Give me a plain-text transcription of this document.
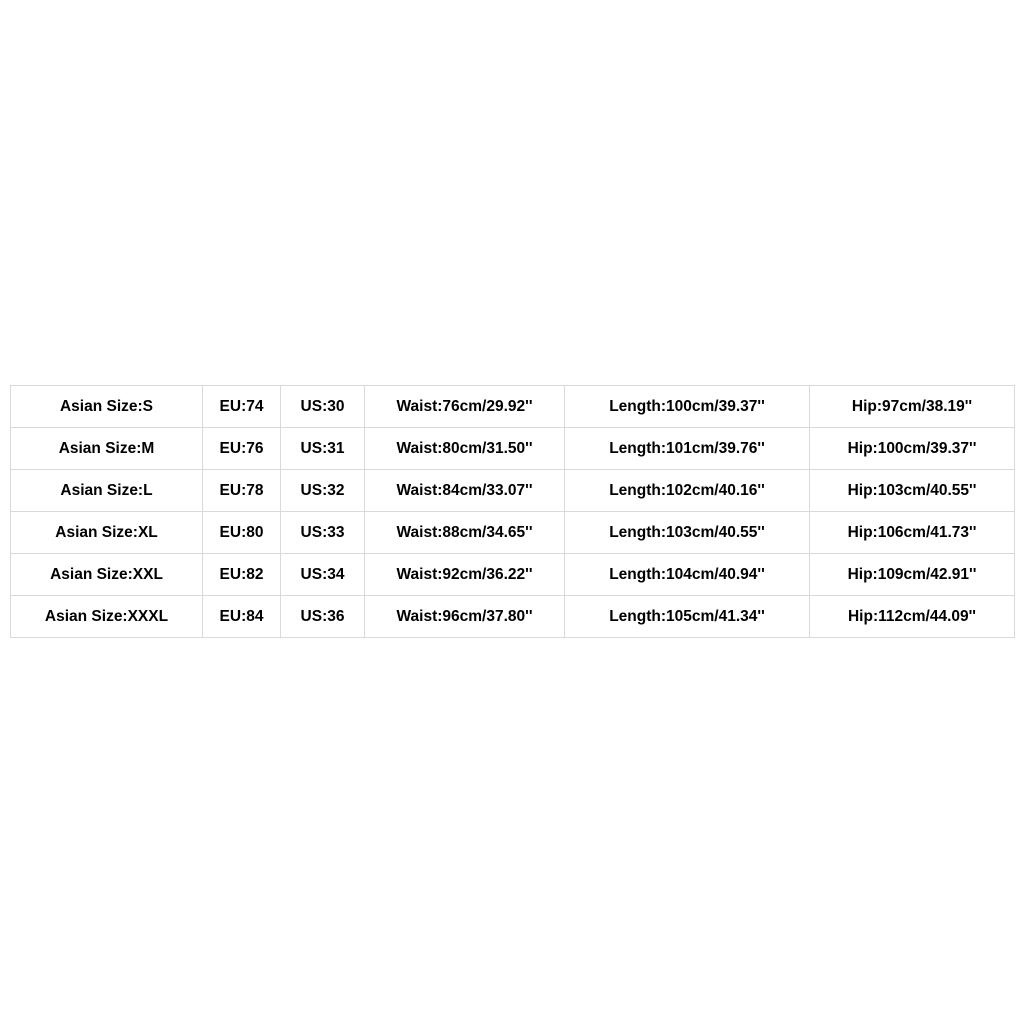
Asian Size:S	EU:74	US:30	Waist:76cm/29.92''	Length:100cm/39.37''	Hip:97cm/38.19''
Asian Size:M	EU:76	US:31	Waist:80cm/31.50''	Length:101cm/39.76''	Hip:100cm/39.37''
Asian Size:L	EU:78	US:32	Waist:84cm/33.07''	Length:102cm/40.16''	Hip:103cm/40.55''
Asian Size:XL	EU:80	US:33	Waist:88cm/34.65''	Length:103cm/40.55''	Hip:106cm/41.73''
Asian Size:XXL	EU:82	US:34	Waist:92cm/36.22''	Length:104cm/40.94''	Hip:109cm/42.91''
Asian Size:XXXL	EU:84	US:36	Waist:96cm/37.80''	Length:105cm/41.34''	Hip:112cm/44.09''
